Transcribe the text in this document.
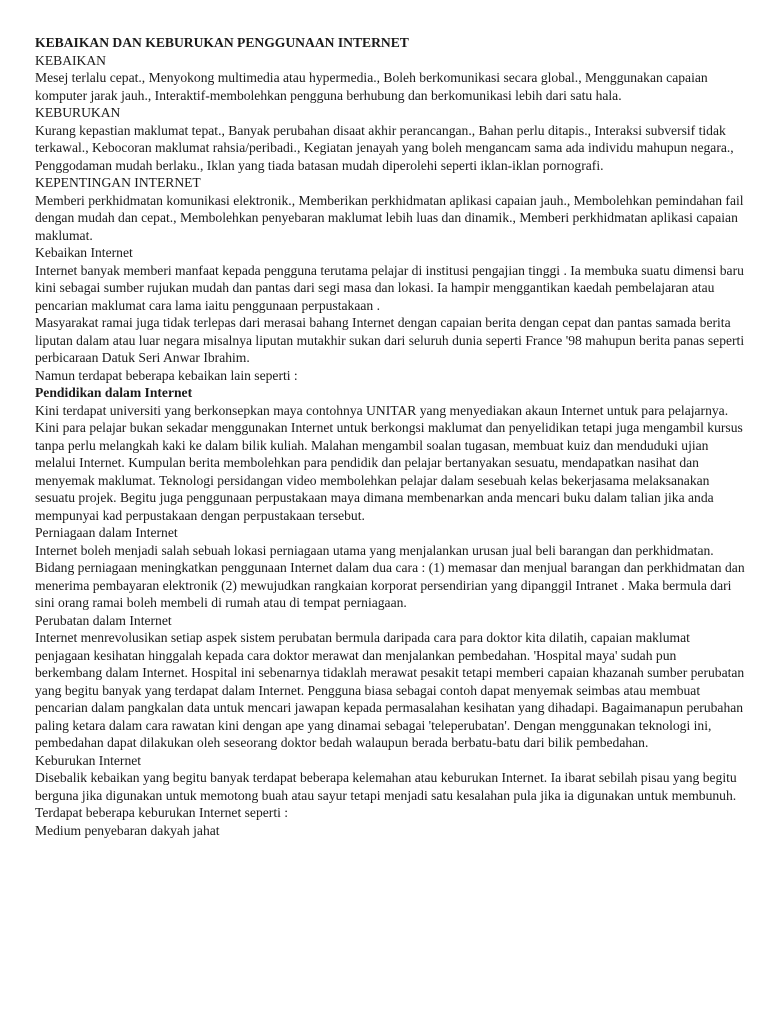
KEBAIKAN DAN KEBURUKAN PENGGUNAAN INTERNET

KEBAIKAN

Mesej terlalu cepat., Menyokong multimedia atau hypermedia., Boleh berkomunikasi secara global., Menggunakan capaian komputer jarak jauh., Interaktif-membolehkan pengguna berhubung dan berkomunikasi lebih dari satu hala.

KEBURUKAN

Kurang kepastian maklumat tepat., Banyak perubahan disaat akhir perancangan., Bahan perlu ditapis., Interaksi subversif tidak terkawal., Kebocoran maklumat rahsia/peribadi., Kegiatan jenayah yang boleh mengancam sama ada individu mahupun negara., Penggodaman mudah berlaku., Iklan yang tiada batasan mudah diperolehi seperti iklan-iklan pornografi.

KEPENTINGAN INTERNET

Memberi perkhidmatan komunikasi elektronik., Memberikan perkhidmatan aplikasi capaian jauh., Membolehkan pemindahan fail dengan mudah dan cepat., Membolehkan penyebaran maklumat lebih luas dan dinamik., Memberi perkhidmatan aplikasi capaian maklumat.

Kebaikan Internet

Internet banyak memberi manfaat kepada pengguna terutama pelajar di institusi pengajian tinggi . Ia membuka suatu dimensi baru kini sebagai sumber rujukan mudah dan pantas dari segi masa dan lokasi. Ia hampir menggantikan kaedah pembelajaran atau pencarian maklumat cara lama iaitu penggunaan perpustakaan .

Masyarakat ramai juga tidak terlepas dari merasai bahang Internet dengan capaian berita dengan cepat dan pantas samada berita liputan dalam atau luar negara misalnya liputan mutakhir sukan dari seluruh dunia seperti France '98 mahupun berita panas seperti perbicaraan Datuk Seri Anwar Ibrahim.

Namun terdapat beberapa kebaikan lain seperti :

Pendidikan dalam Internet

Kini terdapat universiti yang berkonsepkan maya contohnya UNITAR yang menyediakan akaun Internet untuk para pelajarnya. Kini para pelajar bukan sekadar menggunakan Internet untuk berkongsi maklumat dan penyelidikan tetapi juga mengambil kursus tanpa perlu melangkah kaki ke dalam bilik kuliah. Malahan mengambil soalan tugasan, membuat kuiz dan menduduki ujian melalui Internet. Kumpulan berita membolehkan para pendidik dan pelajar bertanyakan sesuatu, mendapatkan nasihat dan menyemak maklumat. Teknologi persidangan video membolehkan pelajar dalam sesebuah kelas bekerjasama melaksanakan sesuatu projek. Begitu juga penggunaan perpustakaan maya dimana membenarkan anda mencari buku dalam talian jika anda mempunyai kad perpustakaan dengan perpustakaan tersebut.

Perniagaan dalam Internet

Internet boleh menjadi salah sebuah lokasi perniagaan utama yang menjalankan urusan jual beli barangan dan perkhidmatan. Bidang perniagaan meningkatkan penggunaan Internet dalam dua cara : (1) memasar dan menjual barangan dan perkhidmatan dan menerima pembayaran elektronik (2) mewujudkan rangkaian korporat persendirian yang dipanggil Intranet . Maka bermula dari sini orang ramai boleh membeli di rumah atau di tempat perniagaan.

Perubatan dalam Internet

Internet menrevolusikan setiap aspek sistem perubatan bermula daripada cara para doktor kita dilatih, capaian maklumat penjagaan kesihatan hinggalah kepada cara doktor merawat dan menjalankan pembedahan. 'Hospital maya' sudah pun berkembang dalam Internet. Hospital ini sebenarnya tidaklah merawat pesakit tetapi memberi capaian khazanah sumber perubatan yang begitu banyak yang terdapat dalam Internet. Pengguna biasa sebagai contoh dapat menyemak seimbas atau membuat pencarian dalam pangkalan data untuk mencari jawapan kepada permasalahan kesihatan yang dihadapi. Bagaimanapun perubahan paling ketara dalam cara rawatan kini dengan ape yang dinamai sebagai 'teleperubatan'. Dengan menggunakan teknologi ini, pembedahan dapat dilakukan oleh seseorang doktor bedah walaupun berada berbatu-batu dari bilik pembedahan.

Keburukan Internet

Disebalik kebaikan yang begitu banyak terdapat beberapa kelemahan atau keburukan Internet. Ia ibarat sebilah pisau yang begitu berguna jika digunakan untuk memotong buah atau sayur tetapi menjadi satu kesalahan pula jika ia digunakan untuk membunuh.

Terdapat beberapa keburukan Internet seperti :

Medium penyebaran dakyah jahat
